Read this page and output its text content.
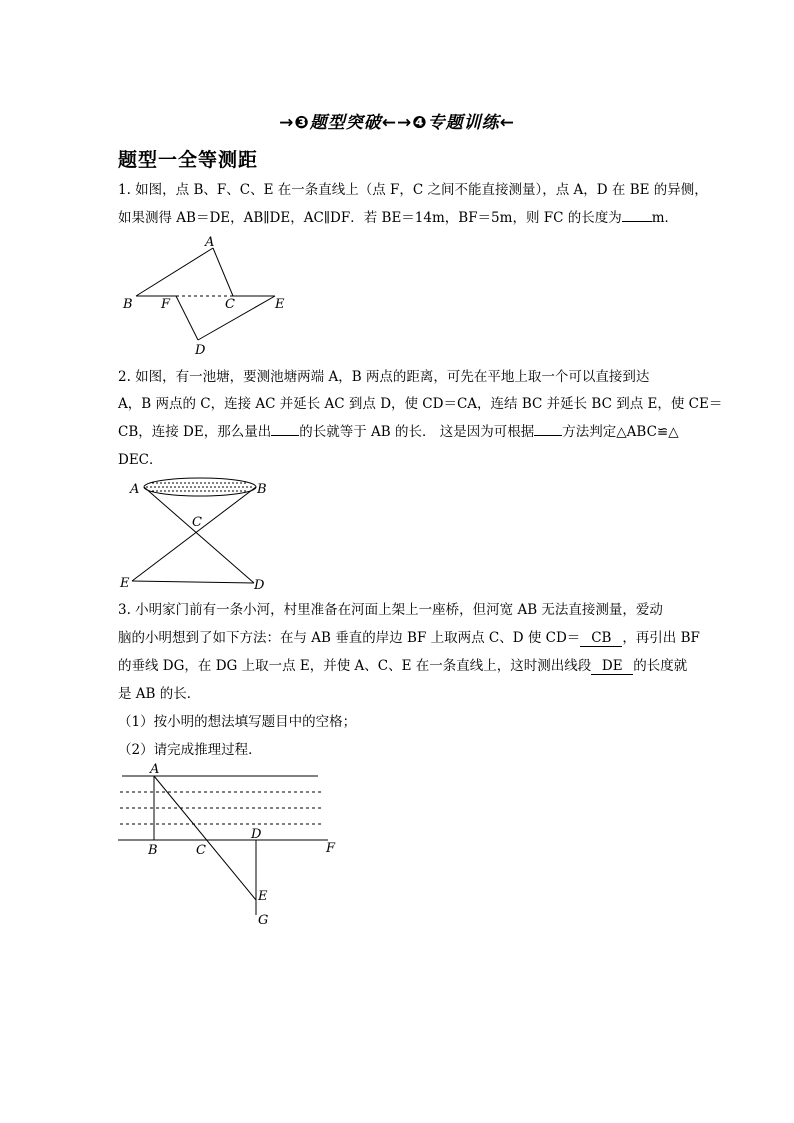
→❸题型突破←→❹专题训练←
题型一全等测距
1. 如图，点 B、F、C、E 在一条直线上（点 F，C 之间不能直接测量），点 A，D 在 BE 的异侧，
如果测得 AB＝DE，AB∥DE，AC∥DF．若 BE＝14m，BF＝5m，则 FC 的长度为 m．
A
B F	C	E
D
2. 如图，有一池塘，要测池塘两端 A，B 两点的距离，可先在平地上取一个可以直接到达
A，B 两点的 C，连接 AC 并延长 AC 到点 D，使 CD＝CA，连结 BC 并延长 BC 到点 E，使 CE＝
CB，连接 DE，那么量出 的长就等于 AB 的长． 这是因为可根据 方法判定△ABC≌△
DEC．
A	B
C
E	D
3. 小明家门前有一条小河，村里准备在河面上架上一座桥，但河宽 AB 无法直接测量，爱动
脑的小明想到了如下方法：在与 AB 垂直的岸边 BF 上取两点 C、D 使 CD＝ CB ，再引出 BF
的垂线 DG，在 DG 上取一点 E，并使 A、C、E 在一条直线上，这时测出线段 DE 的长度就
是 AB 的长．
（1）按小明的想法填写题目中的空格；
（2）请完成推理过程．
A
B	C
D
F
E
G
